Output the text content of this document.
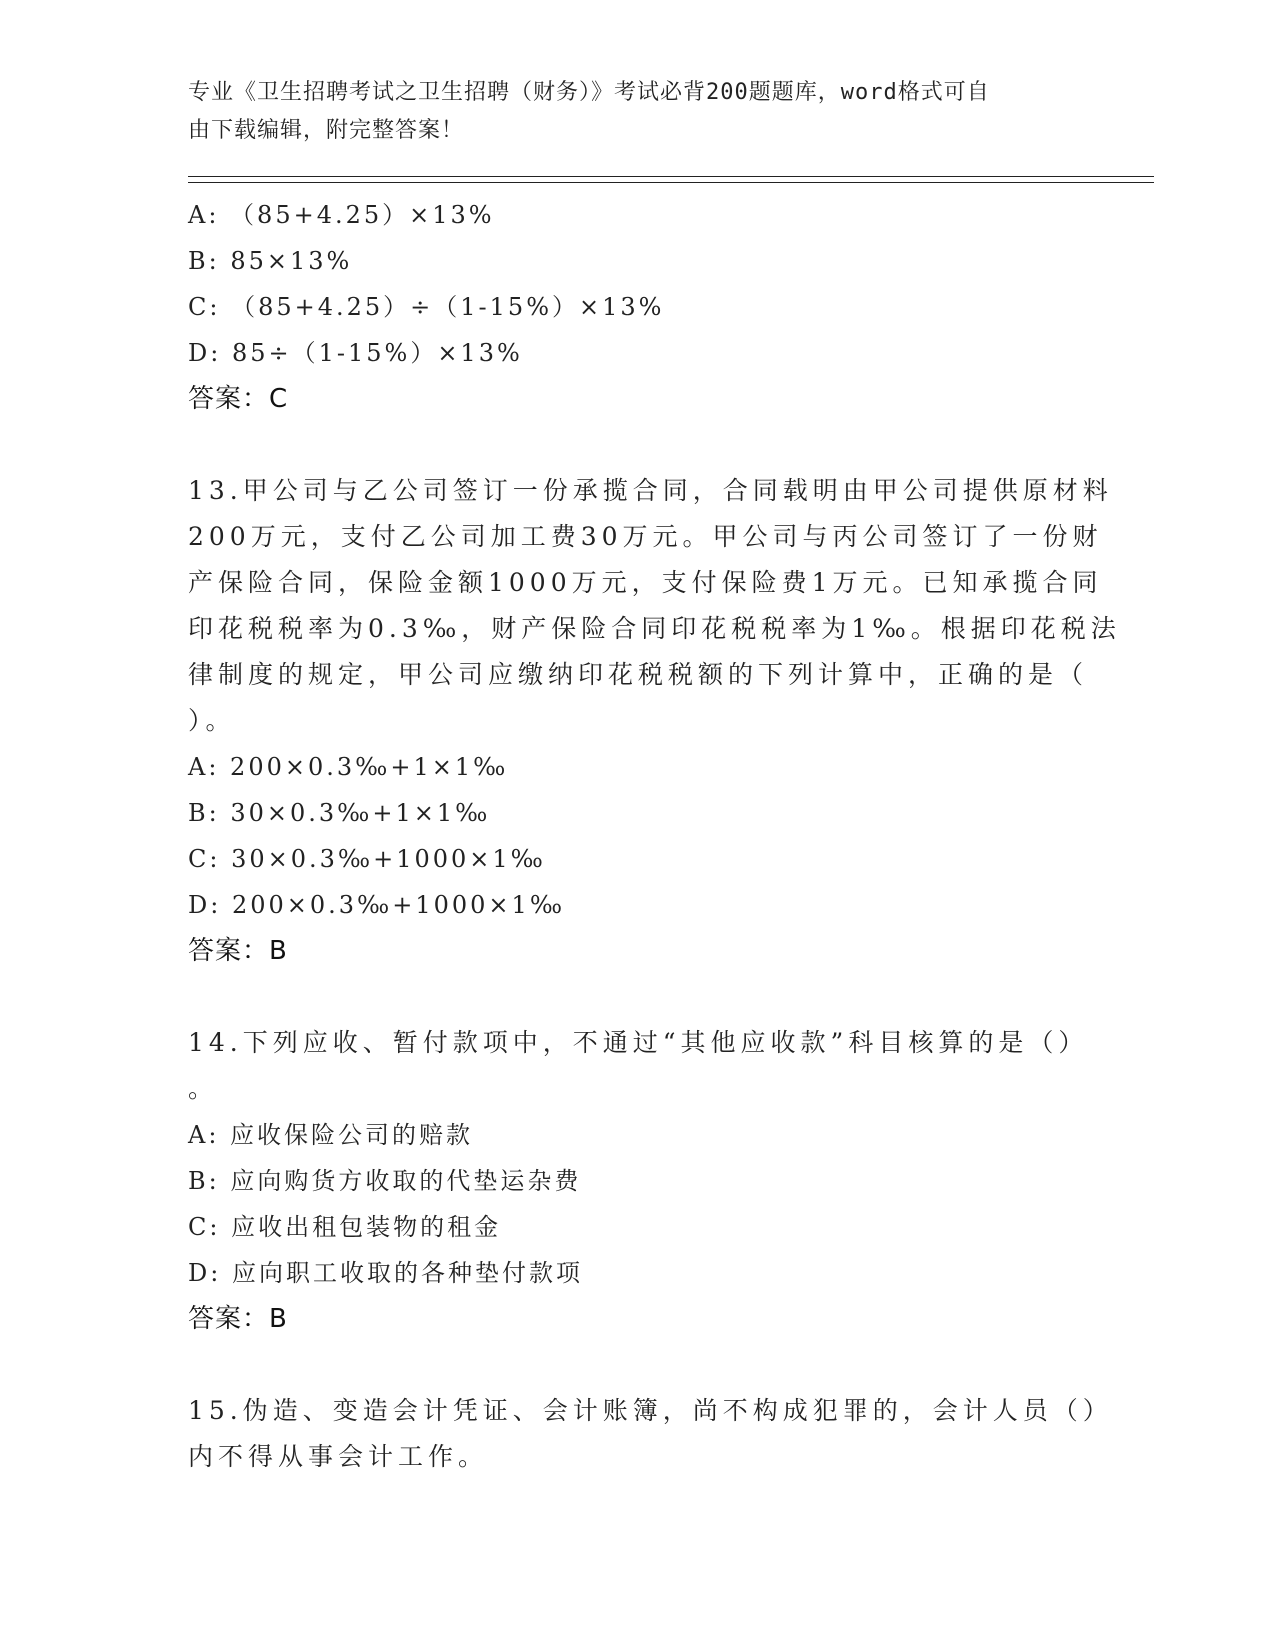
专业《卫生招聘考试之卫生招聘（财务）》考试必背200题题库，word格式可自
由下载编辑，附完整答案！
A: （85+4.25）×13%
B: 85×13%
C: （85+4.25）÷（1-15%）×13%
D: 85÷（1-15%）×13%
答案：C
13.甲公司与乙公司签订一份承揽合同，合同载明由甲公司提供原材料
200万元，支付乙公司加工费30万元。甲公司与丙公司签订了一份财
产保险合同，保险金额1000万元，支付保险费1万元。已知承揽合同
印花税税率为0.3‰，财产保险合同印花税税率为1‰。根据印花税法
律制度的规定，甲公司应缴纳印花税税额的下列计算中，正确的是（
）。
A: 200×0.3‰+1×1‰
B: 30×0.3‰+1×1‰
C: 30×0.3‰+1000×1‰
D: 200×0.3‰+1000×1‰
答案：B
14.下列应收、暂付款项中，不通过“其他应收款”科目核算的是（）
。
A: 应收保险公司的赔款
B: 应向购货方收取的代垫运杂费
C: 应收出租包装物的租金
D: 应向职工收取的各种垫付款项
答案：B
15.伪造、变造会计凭证、会计账簿，尚不构成犯罪的，会计人员（）
内不得从事会计工作。
